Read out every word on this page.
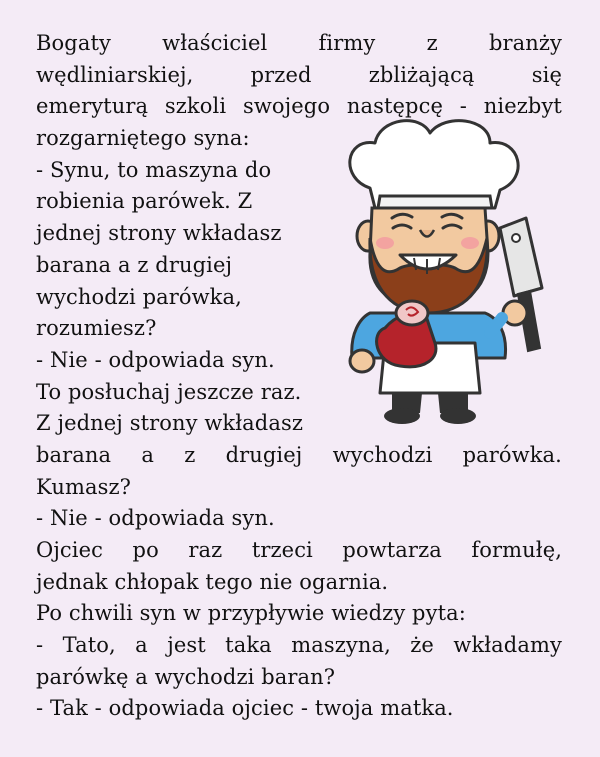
Bogaty właściciel firmy z branży
wędliniarskiej,	przed	zbliżającą	się
emeryturą szkoli swojego następcę - niezbyt
rozgarniętego syna:
- Synu, to maszyna do
robienia parówek. Z
jednej strony wkładasz
barana a z drugiej
wychodzi parówka,
rozumiesz?
- Nie - odpowiada syn.
To posłuchaj jeszcze raz.
Z jednej strony wkładasz
barana a z drugiej wychodzi parówka.
Kumasz?
- Nie - odpowiada syn.
Ojciec po raz trzeci powtarza formułę,
jednak chłopak tego nie ogarnia.
Po chwili syn w przypływie wiedzy pyta:
- Tato, a jest taka maszyna, że wkładamy
parówkę a wychodzi baran?
- Tak - odpowiada ojciec - twoja matka.
